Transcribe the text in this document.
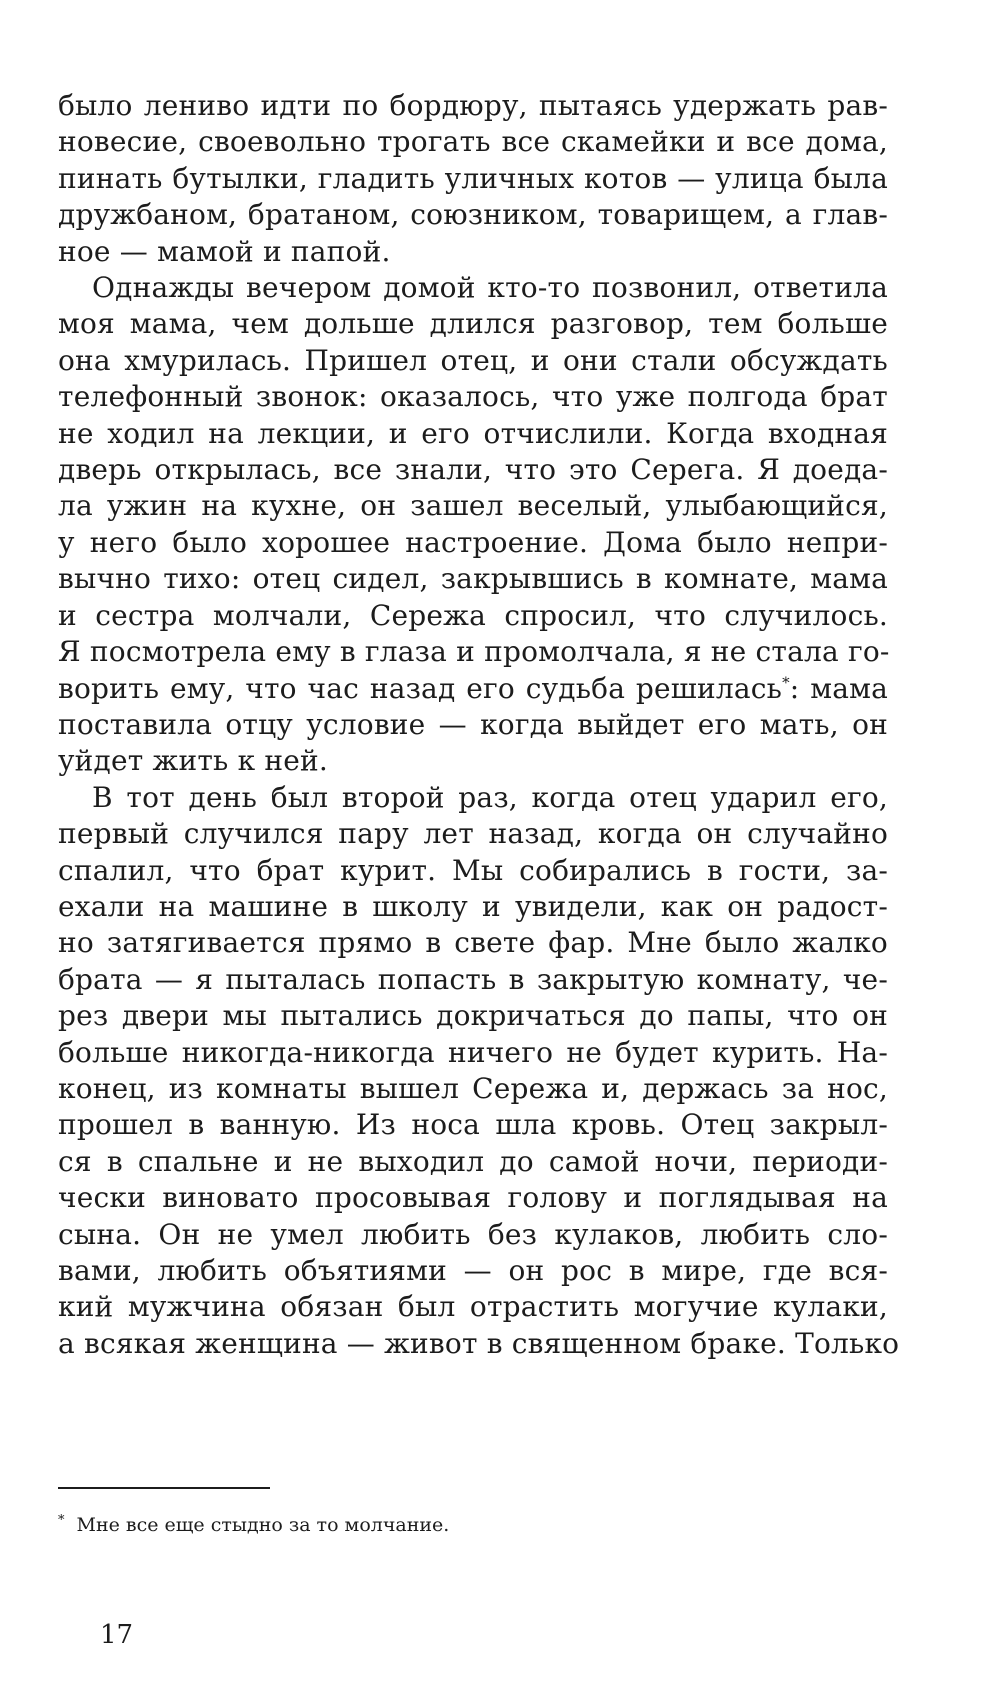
было лениво идти по бордюру, пытаясь удержать рав-
новесие, своевольно трогать все скамейки и все дома,
пинать бутылки, гладить уличных котов — улица была
дружбаном, братаном, союзником, товарищем, а глав-
ное — мамой и папой.
Однажды вечером домой кто-то позвонил, ответила
моя мама, чем дольше длился разговор, тем больше
она хмурилась. Пришел отец, и они стали обсуждать
телефонный звонок: оказалось, что уже полгода брат
не ходил на лекции, и его отчислили. Когда входная
дверь открылась, все знали, что это Серега. Я доеда-
ла ужин на кухне, он зашел веселый, улыбающийся,
у него было хорошее настроение. Дома было непри-
вычно тихо: отец сидел, закрывшись в комнате, мама
и сестра молчали, Сережа спросил, что случилось.
Я посмотрела ему в глаза и промолчала, я не стала го-
ворить ему, что час назад его судьба решилась*: мама
поставила отцу условие — когда выйдет его мать, он
уйдет жить к ней.
В тот день был второй раз, когда отец ударил его,
первый случился пару лет назад, когда он случайно
спалил, что брат курит. Мы собирались в гости, за-
ехали на машине в школу и увидели, как он радост-
но затягивается прямо в свете фар. Мне было жалко
брата — я пыталась попасть в закрытую комнату, че-
рез двери мы пытались докричаться до папы, что он
больше никогда-никогда ничего не будет курить. На-
конец, из комнаты вышел Сережа и, держась за нос,
прошел в ванную. Из носа шла кровь. Отец закрыл-
ся в спальне и не выходил до самой ночи, периоди-
чески виновато просовывая голову и поглядывая на
сына. Он не умел любить без кулаков, любить сло-
вами, любить объятиями — он рос в мире, где вся-
кий мужчина обязан был отрастить могучие кулаки,
а всякая женщина — живот в священном браке. Только
* Мне все еще стыдно за то молчание.
17
